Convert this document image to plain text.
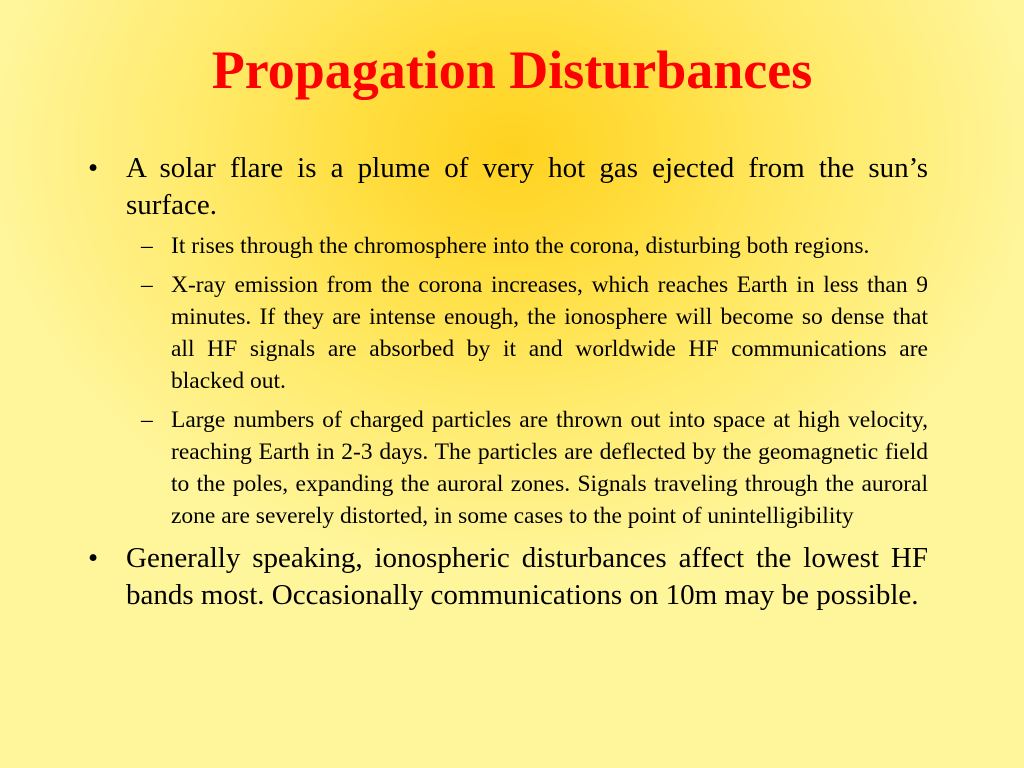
Propagation Disturbances
• A solar flare is a plume of very hot gas ejected from the sun’s surface.
– It rises through the chromosphere into the corona, disturbing both regions.
– X-ray emission from the corona increases, which reaches Earth in less than 9 minutes. If they are intense enough, the ionosphere will become so dense that all HF signals are absorbed by it and worldwide HF communications are blacked out.
– Large numbers of charged particles are thrown out into space at high velocity, reaching Earth in 2-3 days. The particles are deflected by the geomagnetic field to the poles, expanding the auroral zones. Signals traveling through the auroral zone are severely distorted, in some cases to the point of unintelligibility
• Generally speaking, ionospheric disturbances affect the lowest HF bands most. Occasionally communications on 10m may be possible.
